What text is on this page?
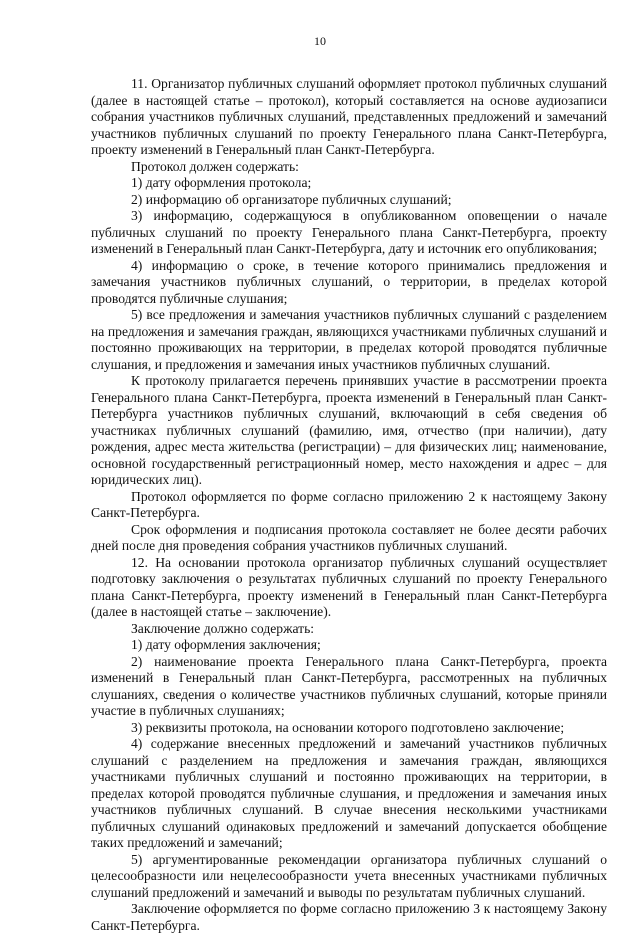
10

11. Организатор публичных слушаний оформляет протокол публичных слушаний (далее в настоящей статье – протокол), который составляется на основе аудиозаписи собрания участников публичных слушаний, представленных предложений и замечаний участников публичных слушаний по проекту Генерального плана Санкт-Петербурга, проекту изменений в Генеральный план Санкт-Петербурга.

Протокол должен содержать:

1) дату оформления протокола;

2) информацию об организаторе публичных слушаний;

3) информацию, содержащуюся в опубликованном оповещении о начале публичных слушаний по проекту Генерального плана Санкт-Петербурга, проекту изменений в Генеральный план Санкт-Петербурга, дату и источник его опубликования;

4) информацию о сроке, в течение которого принимались предложения и замечания участников публичных слушаний, о территории, в пределах которой проводятся публичные слушания;

5) все предложения и замечания участников публичных слушаний с разделением на предложения и замечания граждан, являющихся участниками публичных слушаний и постоянно проживающих на территории, в пределах которой проводятся публичные слушания, и предложения и замечания иных участников публичных слушаний.

К протоколу прилагается перечень принявших участие в рассмотрении проекта Генерального плана Санкт-Петербурга, проекта изменений в Генеральный план Санкт-Петербурга участников публичных слушаний, включающий в себя сведения об участниках публичных слушаний (фамилию, имя, отчество (при наличии), дату рождения, адрес места жительства (регистрации) – для физических лиц; наименование, основной государственный регистрационный номер, место нахождения и адрес – для юридических лиц).

Протокол оформляется по форме согласно приложению 2 к настоящему Закону Санкт-Петербурга.

Срок оформления и подписания протокола составляет не более десяти рабочих дней после дня проведения собрания участников публичных слушаний.

12. На основании протокола организатор публичных слушаний осуществляет подготовку заключения о результатах публичных слушаний по проекту Генерального плана Санкт-Петербурга, проекту изменений в Генеральный план Санкт-Петербурга (далее в настоящей статье – заключение).

Заключение должно содержать:

1) дату оформления заключения;

2) наименование проекта Генерального плана Санкт-Петербурга, проекта изменений в Генеральный план Санкт-Петербурга, рассмотренных на публичных слушаниях, сведения о количестве участников публичных слушаний, которые приняли участие в публичных слушаниях;

3) реквизиты протокола, на основании которого подготовлено заключение;

4) содержание внесенных предложений и замечаний участников публичных слушаний с разделением на предложения и замечания граждан, являющихся участниками публичных слушаний и постоянно проживающих на территории, в пределах которой проводятся публичные слушания, и предложения и замечания иных участников публичных слушаний. В случае внесения несколькими участниками публичных слушаний одинаковых предложений и замечаний допускается обобщение таких предложений и замечаний;

5) аргументированные рекомендации организатора публичных слушаний о целесообразности или нецелесообразности учета внесенных участниками публичных слушаний предложений и замечаний и выводы по результатам публичных слушаний.

Заключение оформляется по форме согласно приложению 3 к настоящему Закону Санкт-Петербурга.
